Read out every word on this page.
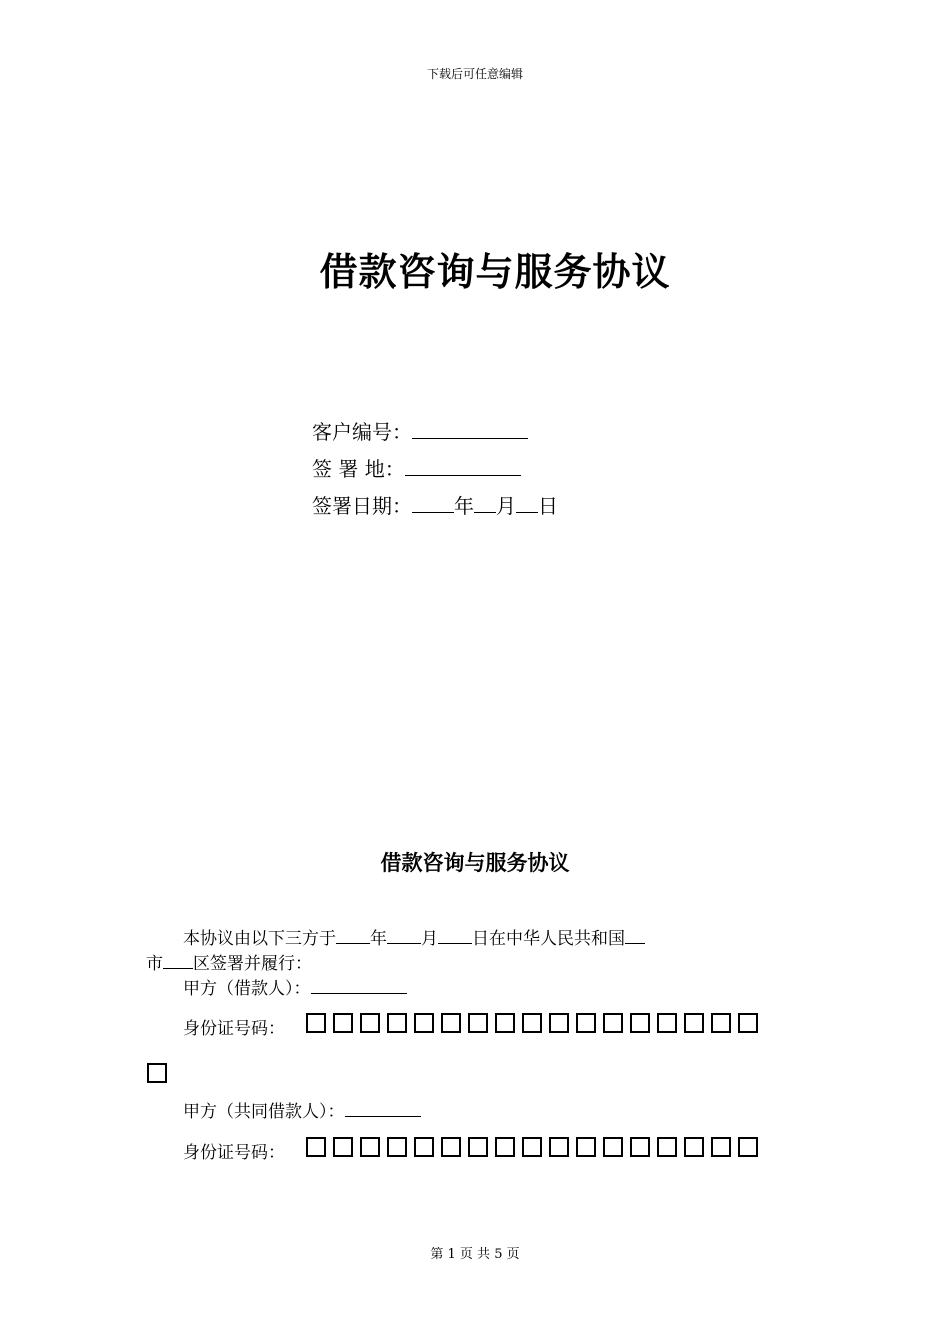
下载后可任意编辑
借款咨询与服务协议
客户编号：
签 署 地：
签署日期： 年 月 日
借款咨询与服务协议
本协议由以下三方于 年 月 日在中华人民共和国
市 区签署并履行：
甲方（借款人）：
身份证号码：
甲方（共同借款人）：
身份证号码：
第 1 页 共 5 页
